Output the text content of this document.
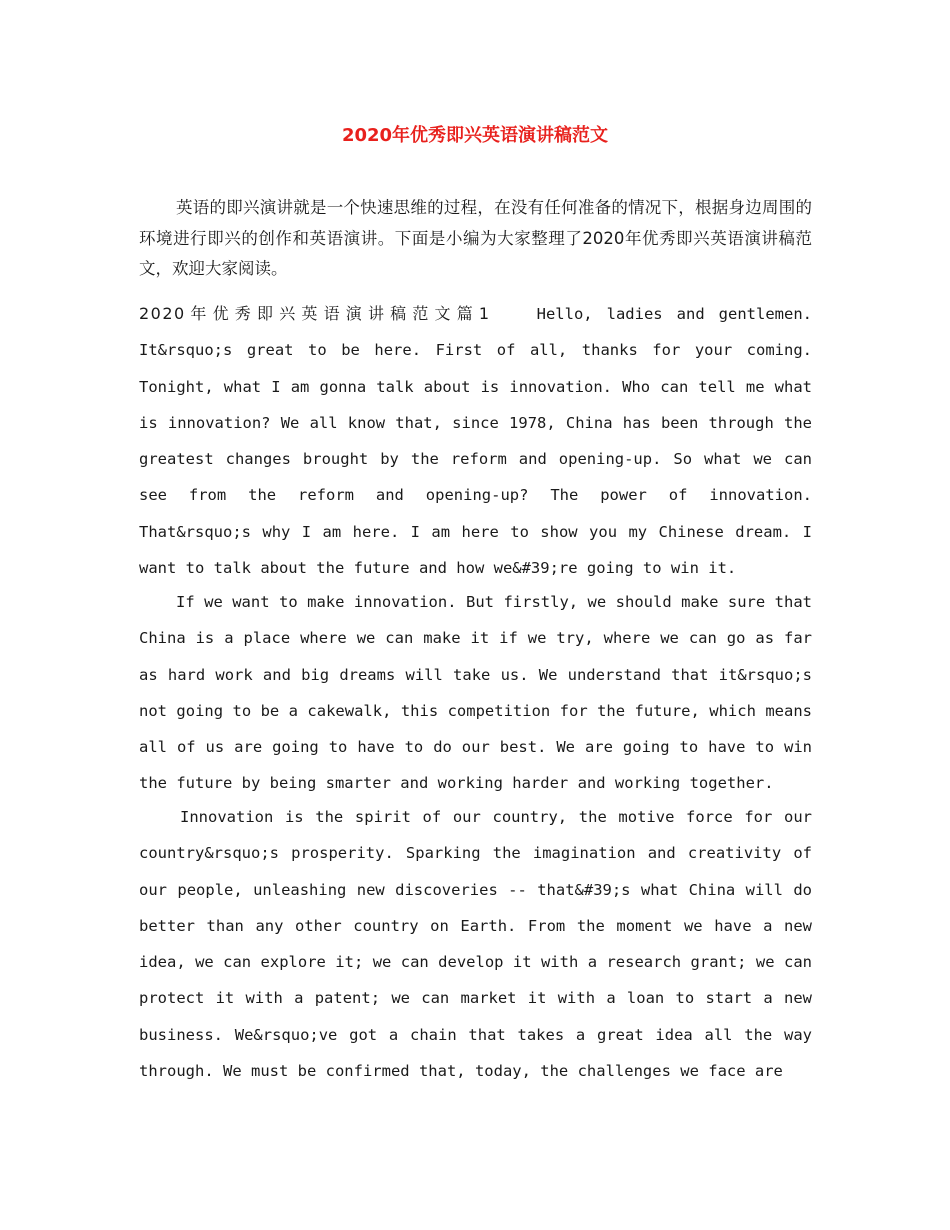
2020年优秀即兴英语演讲稿范文

英语的即兴演讲就是一个快速思维的过程，在没有任何准备的情况下，根据身边周围的环境进行即兴的创作和英语演讲。下面是小编为大家整理了2020年优秀即兴英语演讲稿范文，欢迎大家阅读。

2020年优秀即兴英语演讲稿范文篇1	Hello, ladies and gentlemen. It&rsquo;s great to be here. First of all, thanks for your coming. Tonight, what I am gonna talk about is innovation. Who can tell me what is innovation? We all know that, since 1978, China has been through the greatest changes brought by the reform and opening-up. So what we can see from the reform and opening-up? The power of innovation. That&rsquo;s why I am here. I am here to show you my Chinese dream. I want to talk about the future and how we&#39;re going to win it.

If we want to make innovation. But firstly, we should make sure that China is a place where we can make it if we try, where we can go as far as hard work and big dreams will take us. We understand that it&rsquo;s not going to be a cakewalk, this competition for the future, which means all of us are going to have to do our best. We are going to have to win the future by being smarter and working harder and working together.

Innovation is the spirit of our country, the motive force for our country&rsquo;s prosperity. Sparking the imagination and creativity of our people, unleashing new discoveries -- that&#39;s what China will do better than any other country on Earth. From the moment we have a new idea, we can explore it; we can develop it with a research grant; we can protect it with a patent; we can market it with a loan to start a new business. We&rsquo;ve got a chain that takes a great idea all the way through. We must be confirmed that, today, the challenges we face are
